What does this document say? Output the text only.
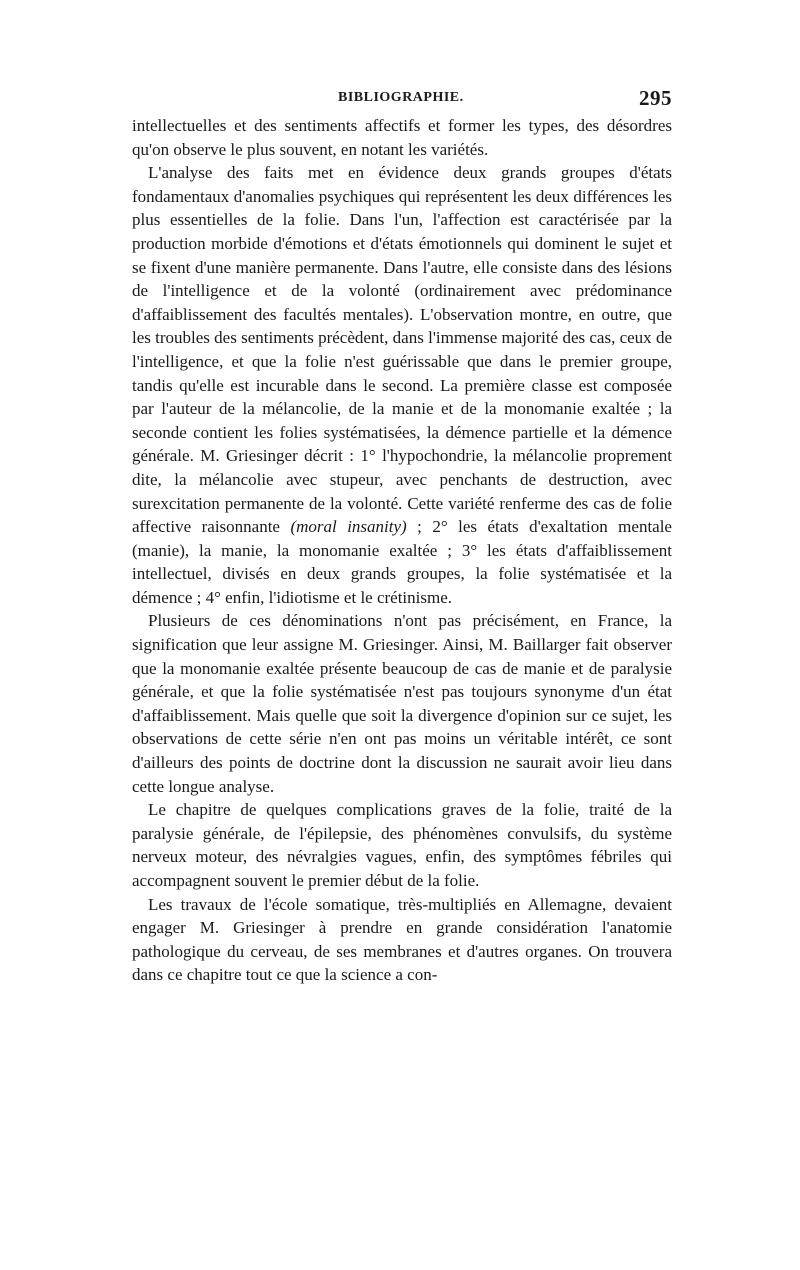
BIBLIOGRAPHIE.	295

intellectuelles et des sentiments affectifs et former les types, des désordres qu'on observe le plus souvent, en notant les variétés.

L'analyse des faits met en évidence deux grands groupes d'états fondamentaux d'anomalies psychiques qui représentent les deux différences les plus essentielles de la folie. Dans l'un, l'affection est caractérisée par la production morbide d'émotions et d'états émotionnels qui dominent le sujet et se fixent d'une manière permanente. Dans l'autre, elle consiste dans des lésions de l'intelligence et de la volonté (ordinairement avec prédominance d'affaiblissement des facultés mentales). L'observation montre, en outre, que les troubles des sentiments précèdent, dans l'immense majorité des cas, ceux de l'intelligence, et que la folie n'est guérissable que dans le premier groupe, tandis qu'elle est incurable dans le second. La première classe est composée par l'auteur de la mélancolie, de la manie et de la monomanie exaltée ; la seconde contient les folies systématisées, la démence partielle et la démence générale. M. Griesinger décrit : 1° l'hypochondrie, la mélancolie proprement dite, la mélancolie avec stupeur, avec penchants de destruction, avec surexcitation permanente de la volonté. Cette variété renferme des cas de folie affective raisonnante (moral insanity) ; 2° les états d'exaltation mentale (manie), la manie, la monomanie exaltée ; 3° les états d'affaiblissement intellectuel, divisés en deux grands groupes, la folie systématisée et la démence ; 4° enfin, l'idiotisme et le crétinisme.

Plusieurs de ces dénominations n'ont pas précisément, en France, la signification que leur assigne M. Griesinger. Ainsi, M. Baillarger fait observer que la monomanie exaltée présente beaucoup de cas de manie et de paralysie générale, et que la folie systématisée n'est pas toujours synonyme d'un état d'affaiblissement. Mais quelle que soit la divergence d'opinion sur ce sujet, les observations de cette série n'en ont pas moins un véritable intérêt, ce sont d'ailleurs des points de doctrine dont la discussion ne saurait avoir lieu dans cette longue analyse.

Le chapitre de quelques complications graves de la folie, traité de la paralysie générale, de l'épilepsie, des phénomènes convulsifs, du système nerveux moteur, des névralgies vagues, enfin, des symptômes fébriles qui accompagnent souvent le premier début de la folie.

Les travaux de l'école somatique, très-multipliés en Allemagne, devaient engager M. Griesinger à prendre en grande considération l'anatomie pathologique du cerveau, de ses membranes et d'autres organes. On trouvera dans ce chapitre tout ce que la science a con-
